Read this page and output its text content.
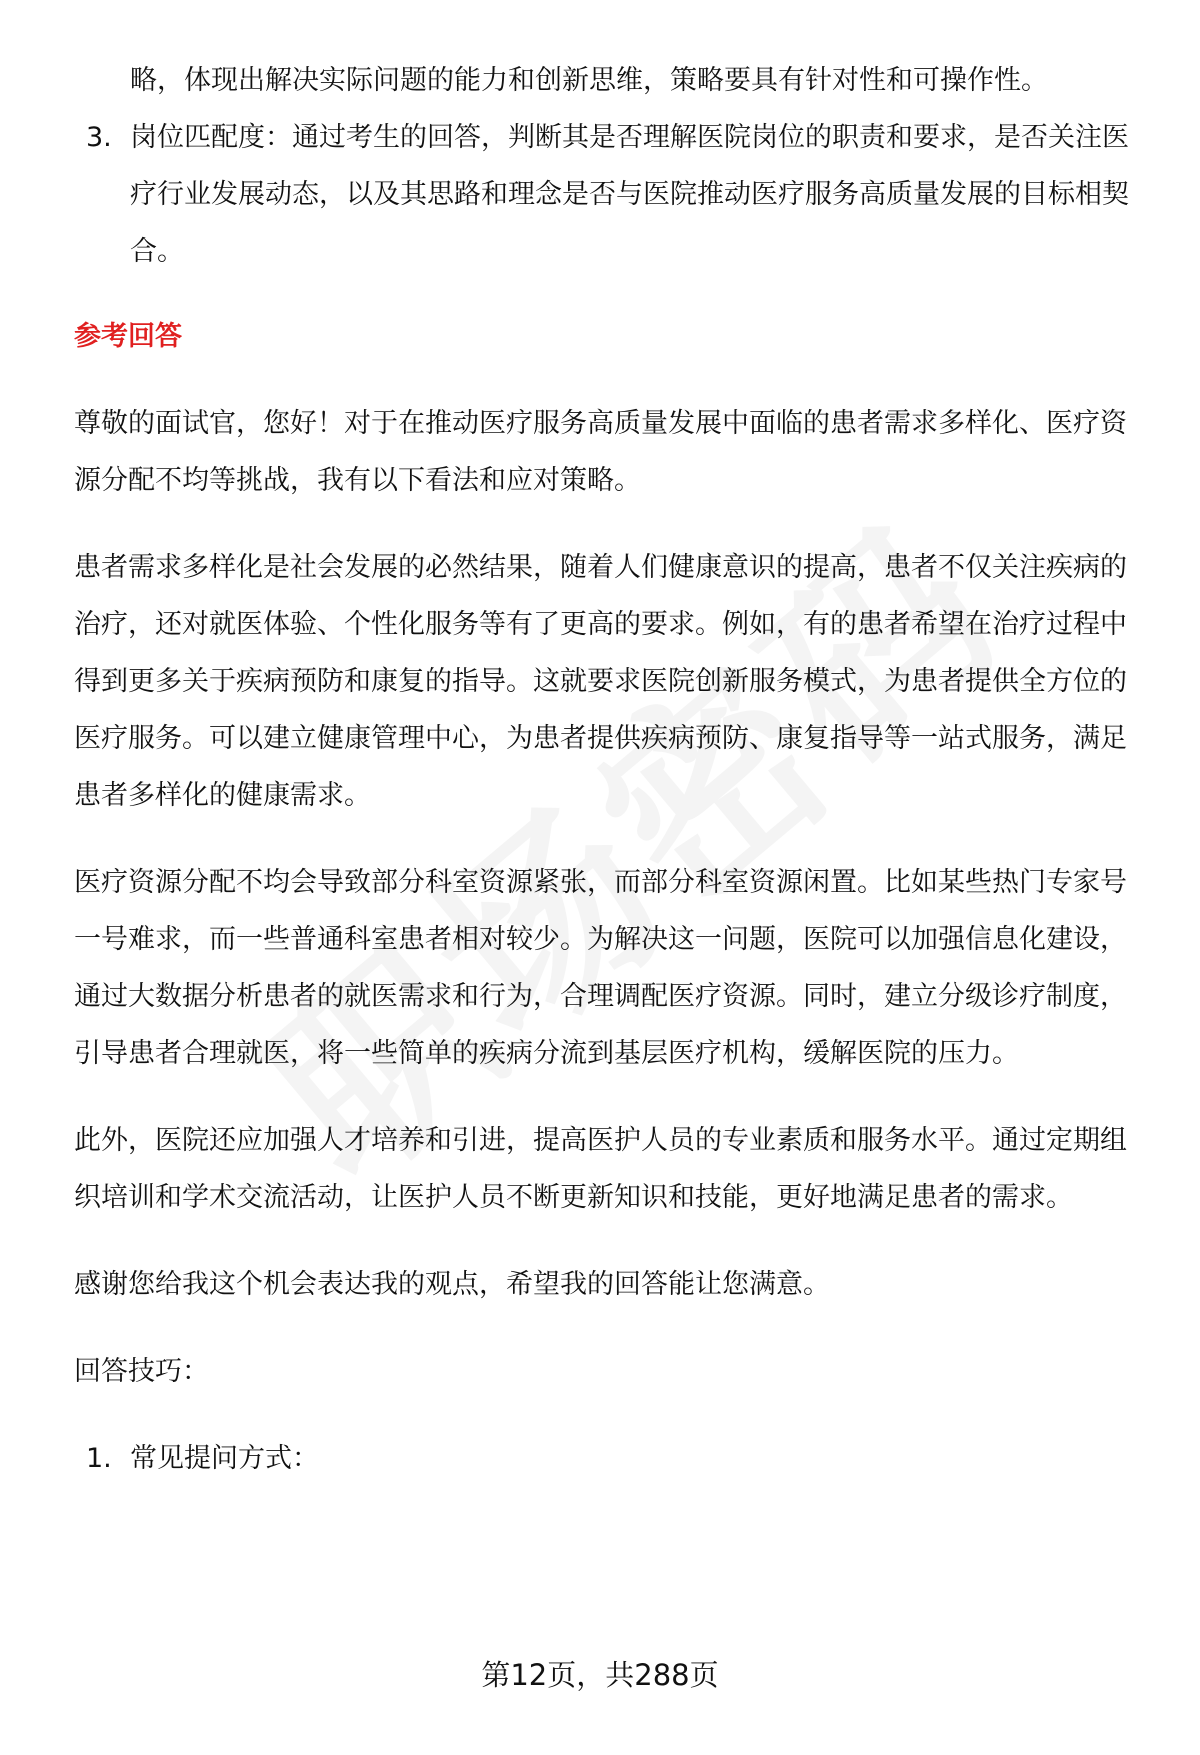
略，体现出解决实际问题的能力和创新思维，策略要具有针对性和可操作性。
3. 岗位匹配度：通过考生的回答，判断其是否理解医院岗位的职责和要求，是否关注医疗行业发展动态，以及其思路和理念是否与医院推动医疗服务高质量发展的目标相契合。
参考回答

尊敬的面试官，您好！对于在推动医疗服务高质量发展中面临的患者需求多样化、医疗资源分配不均等挑战，我有以下看法和应对策略。

患者需求多样化是社会发展的必然结果，随着人们健康意识的提高，患者不仅关注疾病的治疗，还对就医体验、个性化服务等有了更高的要求。例如，有的患者希望在治疗过程中得到更多关于疾病预防和康复的指导。这就要求医院创新服务模式，为患者提供全方位的医疗服务。可以建立健康管理中心，为患者提供疾病预防、康复指导等一站式服务，满足患者多样化的健康需求。

医疗资源分配不均会导致部分科室资源紧张，而部分科室资源闲置。比如某些热门专家号一号难求，而一些普通科室患者相对较少。为解决这一问题，医院可以加强信息化建设，通过大数据分析患者的就医需求和行为，合理调配医疗资源。同时，建立分级诊疗制度，引导患者合理就医，将一些简单的疾病分流到基层医疗机构，缓解医院的压力。

此外，医院还应加强人才培养和引进，提高医护人员的专业素质和服务水平。通过定期组织培训和学术交流活动，让医护人员不断更新知识和技能，更好地满足患者的需求。

感谢您给我这个机会表达我的观点，希望我的回答能让您满意。

回答技巧：

1. 常见提问方式：
第12页，共288页
